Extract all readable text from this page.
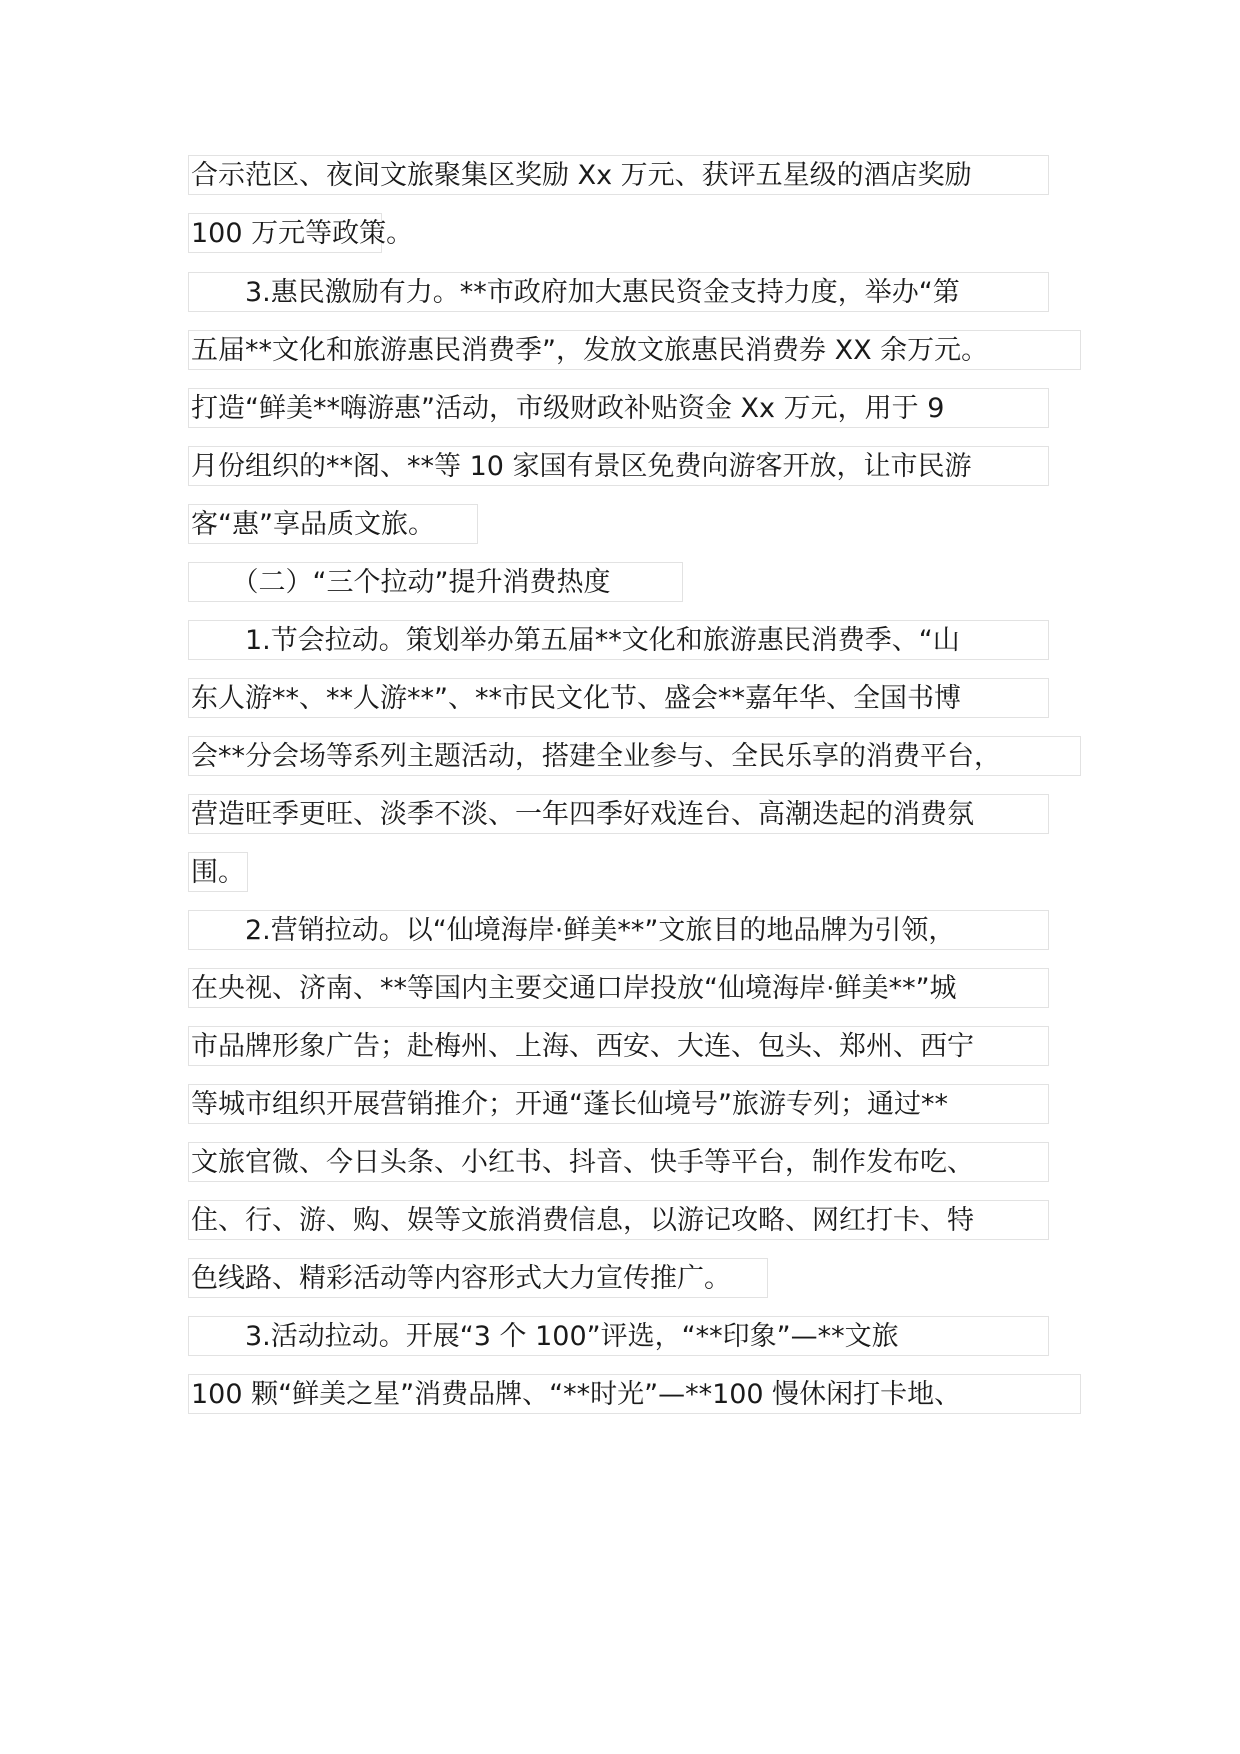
合示范区、夜间文旅聚集区奖励 Xx 万元、获评五星级的酒店奖励
100 万元等政策。
　　3.惠民激励有力。**市政府加大惠民资金支持力度，举办“第
五届**文化和旅游惠民消费季”，发放文旅惠民消费券 XX 余万元。
打造“鲜美**嗨游惠”活动，市级财政补贴资金 Xx 万元，用于 9
月份组织的**阁、**等 10 家国有景区免费向游客开放，让市民游
客“惠”享品质文旅。
　　（二）“三个拉动”提升消费热度
　　1.节会拉动。策划举办第五届**文化和旅游惠民消费季、“山
东人游**、**人游**”、**市民文化节、盛会**嘉年华、全国书博
会**分会场等系列主题活动，搭建全业参与、全民乐享的消费平台，
营造旺季更旺、淡季不淡、一年四季好戏连台、高潮迭起的消费氛
围。
　　2.营销拉动。以“仙境海岸·鲜美**”文旅目的地品牌为引领，
在央视、济南、**等国内主要交通口岸投放“仙境海岸·鲜美**”城
市品牌形象广告；赴梅州、上海、西安、大连、包头、郑州、西宁
等城市组织开展营销推介；开通“蓬长仙境号”旅游专列；通过**
文旅官微、今日头条、小红书、抖音、快手等平台，制作发布吃、
住、行、游、购、娱等文旅消费信息，以游记攻略、网红打卡、特
色线路、精彩活动等内容形式大力宣传推广。
　　3.活动拉动。开展“3 个 100”评选，“**印象”—**文旅
100 颗“鲜美之星”消费品牌、“**时光”—**100 慢休闲打卡地、
